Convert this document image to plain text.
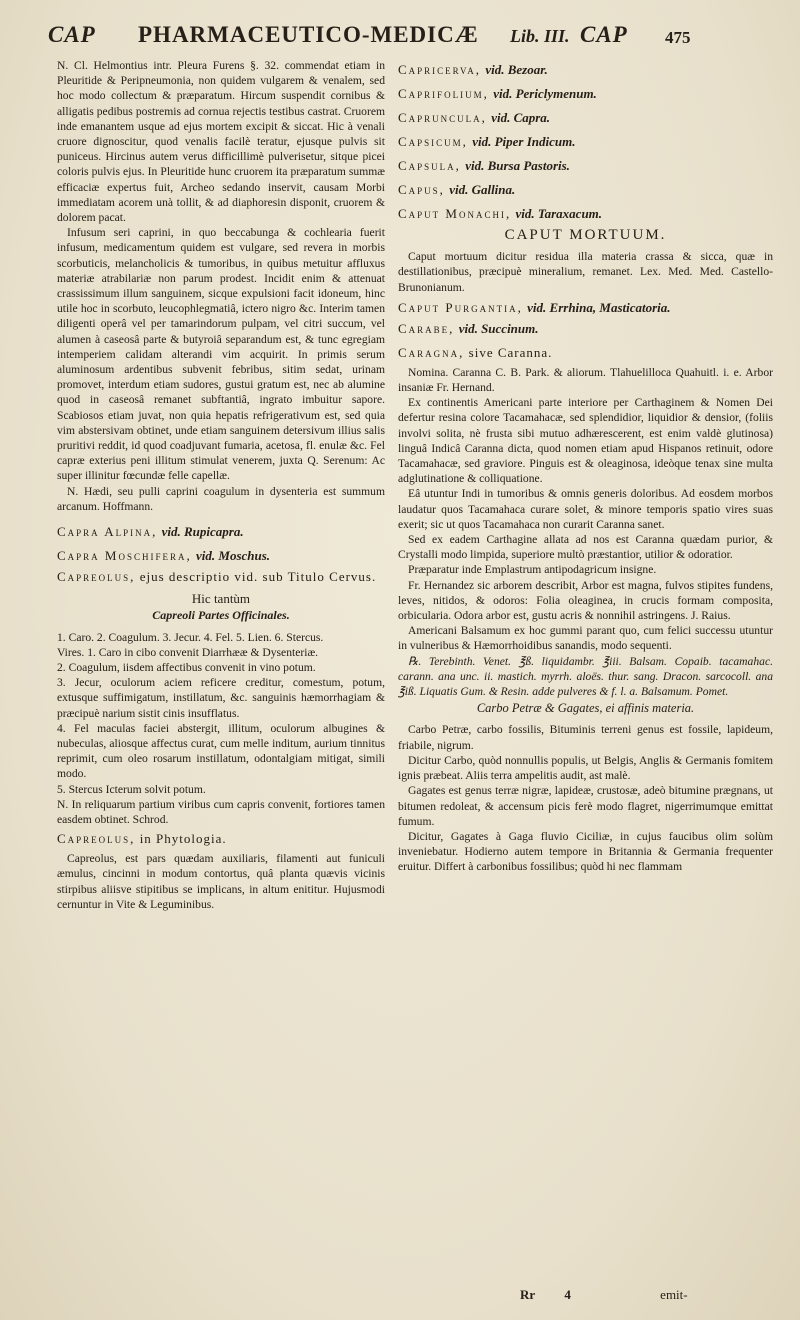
CAP PHARMACEUTICO-MEDICÆ Lib. III. CAP 475

N. Cl. Helmontius intr. Pleura Furens §. 32. commendat etiam in Pleuritide & Peripneumonia, non quidem vulgarem & venalem, sed hoc modo collectum & præparatum. Hircum suspendit cornibus & alligatis pedibus postremis ad cornua rejectis testibus castrat. Cruorem inde emanantem usque ad ejus mortem excipit & siccat. Hic à venali cruore dignoscitur, quod venalis facilè teratur, ejusque pulvis sit puniceus. Hircinus autem verus difficillimè pulverisetur, sitque picei coloris pulvis ejus. In Pleuritide hunc cruorem ita præparatum summæ efficaciæ expertus fuit, Archeo sedando inservit, causam Morbi immediatam acorem unà tollit, & ad diaphoresin disponit, cruorem & dolorem pacat.

Infusum seri caprini, in quo beccabunga & cochlearia fuerit infusum, medicamentum quidem est vulgare, sed revera in morbis scorbuticis, melancholicis & tumoribus, in quibus metuitur affluxus materiæ atrabilariæ non parum prodest. Incidit enim & attenuat crassissimum illum sanguinem, sicque expulsioni facit idoneum, hinc utile hoc in scorbuto, leucophlegmatiâ, ictero nigro &c. Interim tamen diligenti operâ vel per tamarindorum pulpam, vel citri succum, vel alumen à caseosâ parte & butyroiâ separandum est, & tunc egregiam intemperiem calidam alterandi vim acquirit. In primis serum aluminosum ardentibus subvenit febribus, sitim sedat, urinam promovet, interdum etiam sudores, gustui gratum est, nec ab alumine quod in caseosâ remanet subftantiâ, ingrato imbuitur sapore. Scabiosos etiam juvat, non quia hepatis refrigerativum est, sed quia vim abstersivam obtinet, unde etiam sanguinem detersivum illius salis pruritivi reddit, id quod coadjuvant fumaria, acetosa, fl. enulæ &c. Fel capræ exterius peni illitum stimulat venerem, juxta Q. Serenum: Ac super illinitur fœcundæ felle capellæ.

N. Hædi, seu pulli caprini coagulum in dysenteria est summum arcanum. Hoffmann.

Capra Alpina, vid. Rupicapra.

Capra Moschifera, vid. Moschus.

Capreolus, ejus descriptio vid. sub Titulo Cervus.

Hic tantùm
Capreoli Partes Officinales.

1. Caro. 2. Coagulum. 3. Jecur. 4. Fel. 5. Lien. 6. Stercus.

Vires. 1. Caro in cibo convenit Diarrhææ & Dysenteriæ.

2. Coagulum, iisdem affectibus convenit in vino potum.

3. Jecur, oculorum aciem reficere creditur, comestum, potum, extusque suffimigatum, instillatum, &c. sanguinis hæmorrhagiam & præcipuè narium sistit cinis insufflatus.

4. Fel maculas faciei abstergit, illitum, oculorum albugines & nubeculas, aliosque affectus curat, cum melle inditum, aurium tinnitus reprimit, cum oleo rosarum instillatum, odontalgiam mitigat, simili modo.

5. Stercus Icterum solvit potum.

N. In reliquarum partium viribus cum capris convenit, fortiores tamen easdem obtinet. Schrod.

Capreolus, in Phytologia.

Capreolus, est pars quædam auxiliaris, filamenti aut funiculi æmulus, cincinni in modum contortus, quâ planta quævis vicinis stirpibus aliisve stipitibus se implicans, in altum enititur. Hujusmodi cernuntur in Vite & Leguminibus.

Capricerva, vid. Bezoar.

Caprifolium, vid. Periclymenum.

Capruncula, vid. Capra.

Capsicum, vid. Piper Indicum.

Capsula, vid. Bursa Pastoris.

Capus, vid. Gallina.

Caput Monachi, vid. Taraxacum.

CAPUT MORTUUM.

Caput mortuum dicitur residua illa materia crassa & sicca, quæ in destillationibus, præcipuè mineralium, remanet. Lex. Med. Med. Castello-Brunonianum.

Caput Purgantia, vid. Errhina, Masticatoria.

Carabe, vid. Succinum.

Caragna, sive Caranna.

Nomina. Caranna C. B. Park. & aliorum. Tlahuelilloca Quahuitl. i. e. Arbor insaniæ Fr. Hernand.

Ex continentis Americani parte interiore per Carthaginem & Nomen Dei defertur resina colore Tacamahacæ, sed splendidior, liquidior & densior, (foliis involvi solita, nè frusta sibi mutuo adhærescerent, est enim valdè glutinosa) linguâ Indicâ Caranna dicta, quod nomen etiam apud Hispanos retinuit, odore Tacamahacæ, sed graviore. Pinguis est & oleaginosa, ideòque tenax sine multa adglutinatione & colliquatione.

Eâ utuntur Indi in tumoribus & omnis generis doloribus. Ad eosdem morbos laudatur quos Tacamahaca curare solet, & minore temporis spatio vires suas exerit; sic ut quos Tacamahaca non curarit Caranna sanet.

Sed ex eadem Carthagine allata ad nos est Caranna quædam purior, & Crystalli modo limpida, superiore multò præstantior, utilior & odoratior.

Præparatur inde Emplastrum antipodagricum insigne.

Fr. Hernandez sic arborem describit, Arbor est magna, fulvos stipites fundens, leves, nitidos, & odoros: Folia oleaginea, in crucis formam composita, orbicularia. Odora arbor est, gustu acris & nonnihil astringens. J. Raius.

Americani Balsamum ex hoc gummi parant quo, cum felici successu utuntur in vulneribus & Hæmorrhoidibus sanandis, modo sequenti.

℞. Terebinth. Venet. ℥ß. liquidambr. ℥iii. Balsam. Copaib. tacamahac. carann. ana unc. ii. mastich. myrrh. aloës. thur. sang. Dracon. sarcocoll. ana ℥iß. Liquatis Gum. & Resin. adde pulveres & f. l. a. Balsamum. Pomet.

Carbo Petræ & Gagates, ei affinis materia.

Carbo Petræ, carbo fossilis, Bituminis terreni genus est fossile, lapideum, friabile, nigrum.

Dicitur Carbo, quòd nonnullis populis, ut Belgis, Anglis & Germanis fomitem ignis præbeat. Aliis terra ampelitis audit, ast malè.

Gagates est genus terræ nigræ, lapideæ, crustosæ, adeò bitumine prægnans, ut bitumen redoleat, & accensum picis ferè modo flagret, nigerrimumque emittat fumum.

Dicitur, Gagates à Gaga fluvio Ciciliæ, in cujus faucibus olim solùm inveniebatur. Hodierno autem tempore in Britannia & Germania frequenter eruitur. Differt à carbonibus fossilibus; quòd hi nec flammam

Rr 4	emit-
